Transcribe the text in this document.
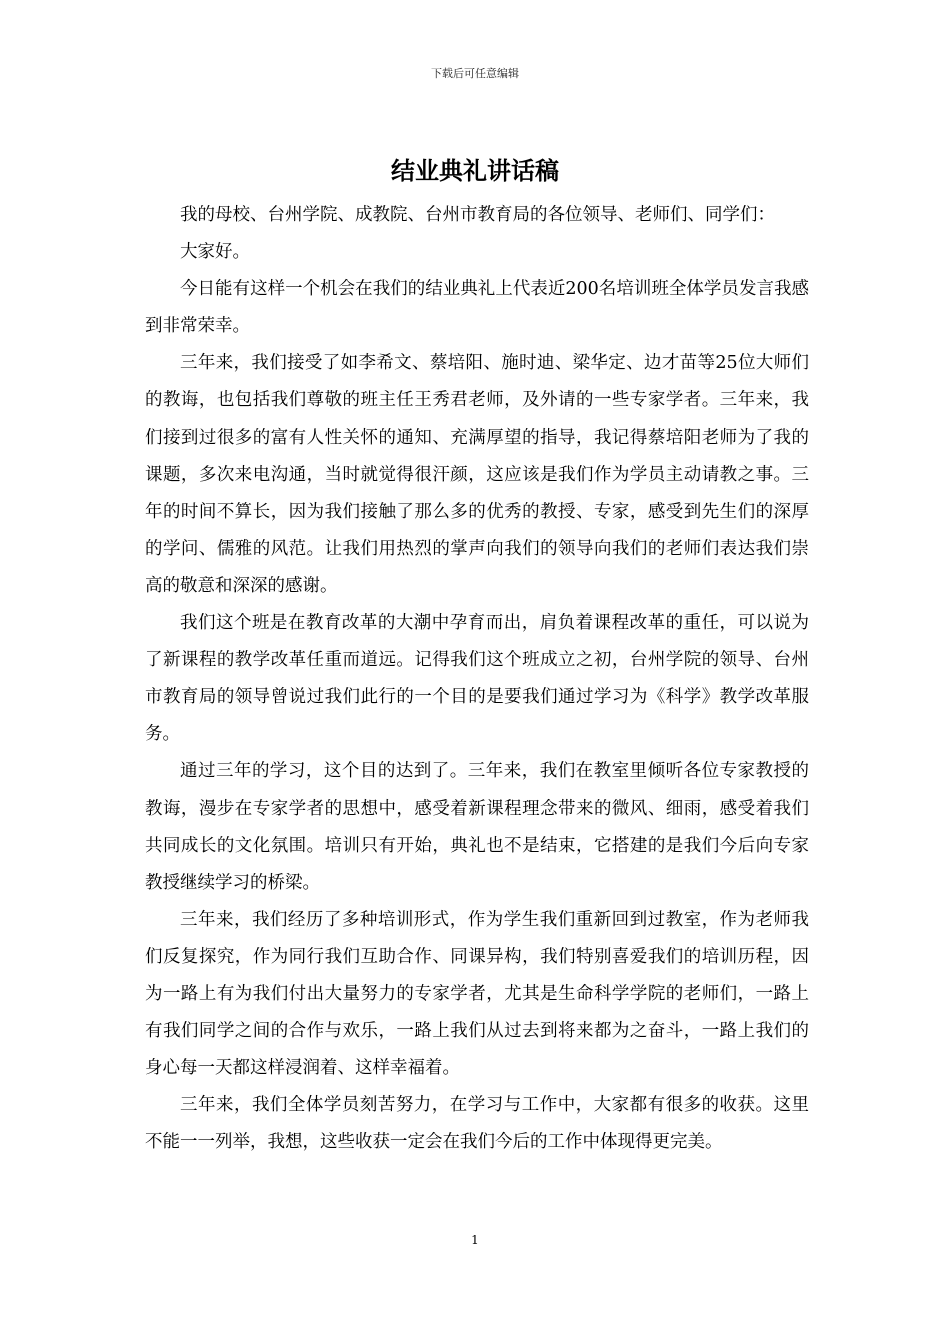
下载后可任意编辑
结业典礼讲话稿

我的母校、台州学院、成教院、台州市教育局的各位领导、老师们、同学们：

大家好。

今日能有这样一个机会在我们的结业典礼上代表近200名培训班全体学员发言我感到非常荣幸。

三年来，我们接受了如李希文、蔡培阳、施时迪、梁华定、边才苗等25位大师们的教诲，也包括我们尊敬的班主任王秀君老师，及外请的一些专家学者。三年来，我们接到过很多的富有人性关怀的通知、充满厚望的指导，我记得蔡培阳老师为了我的课题，多次来电沟通，当时就觉得很汗颜，这应该是我们作为学员主动请教之事。三年的时间不算长，因为我们接触了那么多的优秀的教授、专家，感受到先生们的深厚的学问、儒雅的风范。让我们用热烈的掌声向我们的领导向我们的老师们表达我们崇高的敬意和深深的感谢。

我们这个班是在教育改革的大潮中孕育而出，肩负着课程改革的重任，可以说为了新课程的教学改革任重而道远。记得我们这个班成立之初，台州学院的领导、台州市教育局的领导曾说过我们此行的一个目的是要我们通过学习为《科学》教学改革服务。

通过三年的学习，这个目的达到了。三年来，我们在教室里倾听各位专家教授的教诲，漫步在专家学者的思想中，感受着新课程理念带来的微风、细雨，感受着我们共同成长的文化氛围。培训只有开始，典礼也不是结束，它搭建的是我们今后向专家教授继续学习的桥梁。

三年来，我们经历了多种培训形式，作为学生我们重新回到过教室，作为老师我们反复探究，作为同行我们互助合作、同课异构，我们特别喜爱我们的培训历程，因为一路上有为我们付出大量努力的专家学者，尤其是生命科学学院的老师们，一路上有我们同学之间的合作与欢乐，一路上我们从过去到将来都为之奋斗，一路上我们的身心每一天都这样浸润着、这样幸福着。

三年来，我们全体学员刻苦努力，在学习与工作中，大家都有很多的收获。这里不能一一列举，我想，这些收获一定会在我们今后的工作中体现得更完美。

1
